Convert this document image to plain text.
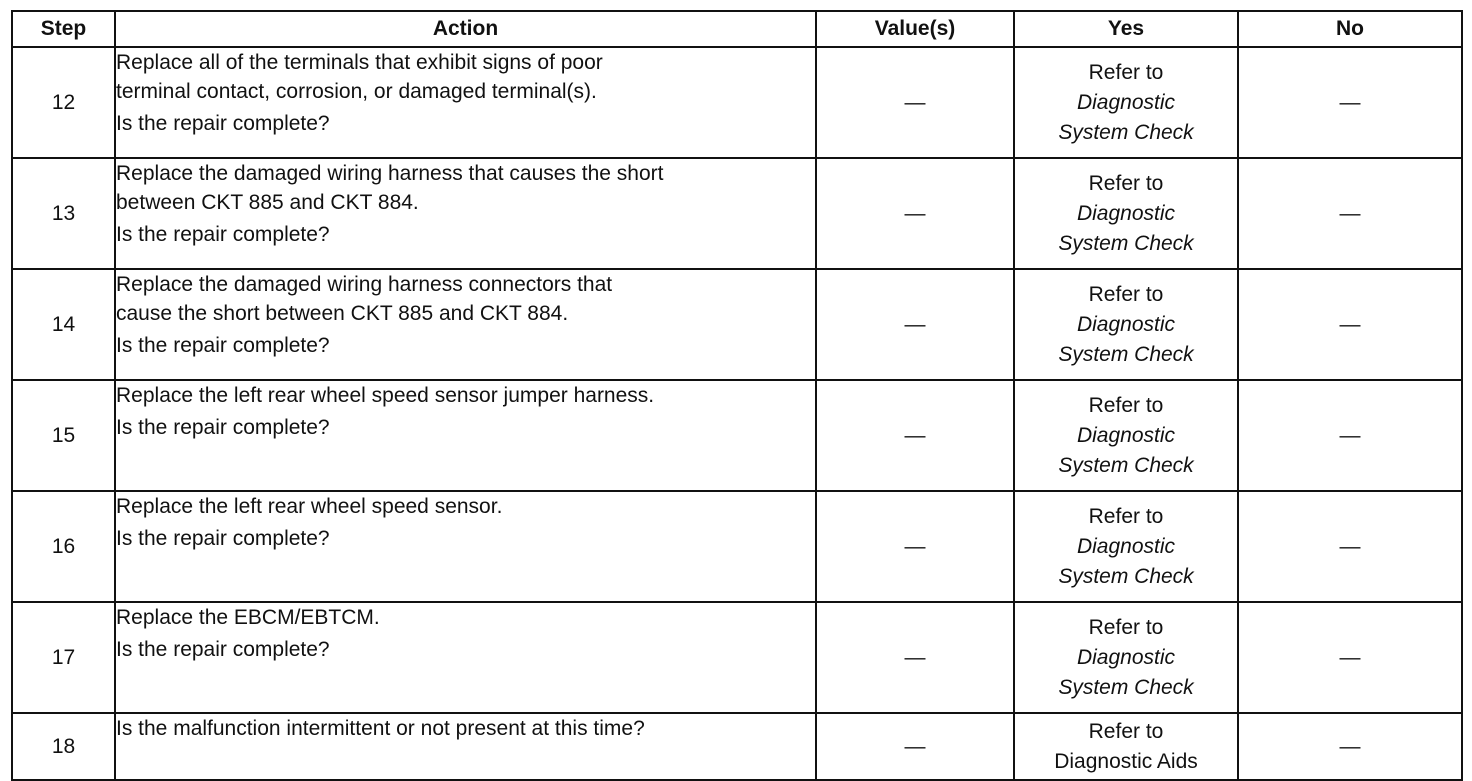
Step	Action	Value(s)	Yes	No
12	Replace all of the terminals that exhibit signs of poor
terminal contact, corrosion, or damaged terminal(s).
Is the repair complete?	—	Refer to
Diagnostic
System Check	—
13	Replace the damaged wiring harness that causes the short
between CKT 885 and CKT 884.
Is the repair complete?	—	Refer to
Diagnostic
System Check	—
14	Replace the damaged wiring harness connectors that
cause the short between CKT 885 and CKT 884.
Is the repair complete?	—	Refer to
Diagnostic
System Check	—
15	Replace the left rear wheel speed sensor jumper harness.
Is the repair complete?	—	Refer to
Diagnostic
System Check	—
16	Replace the left rear wheel speed sensor.
Is the repair complete?	—	Refer to
Diagnostic
System Check	—
17	Replace the EBCM/EBTCM.
Is the repair complete?	—	Refer to
Diagnostic
System Check	—
18	Is the malfunction intermittent or not present at this time?	—	Refer to
Diagnostic Aids	—
